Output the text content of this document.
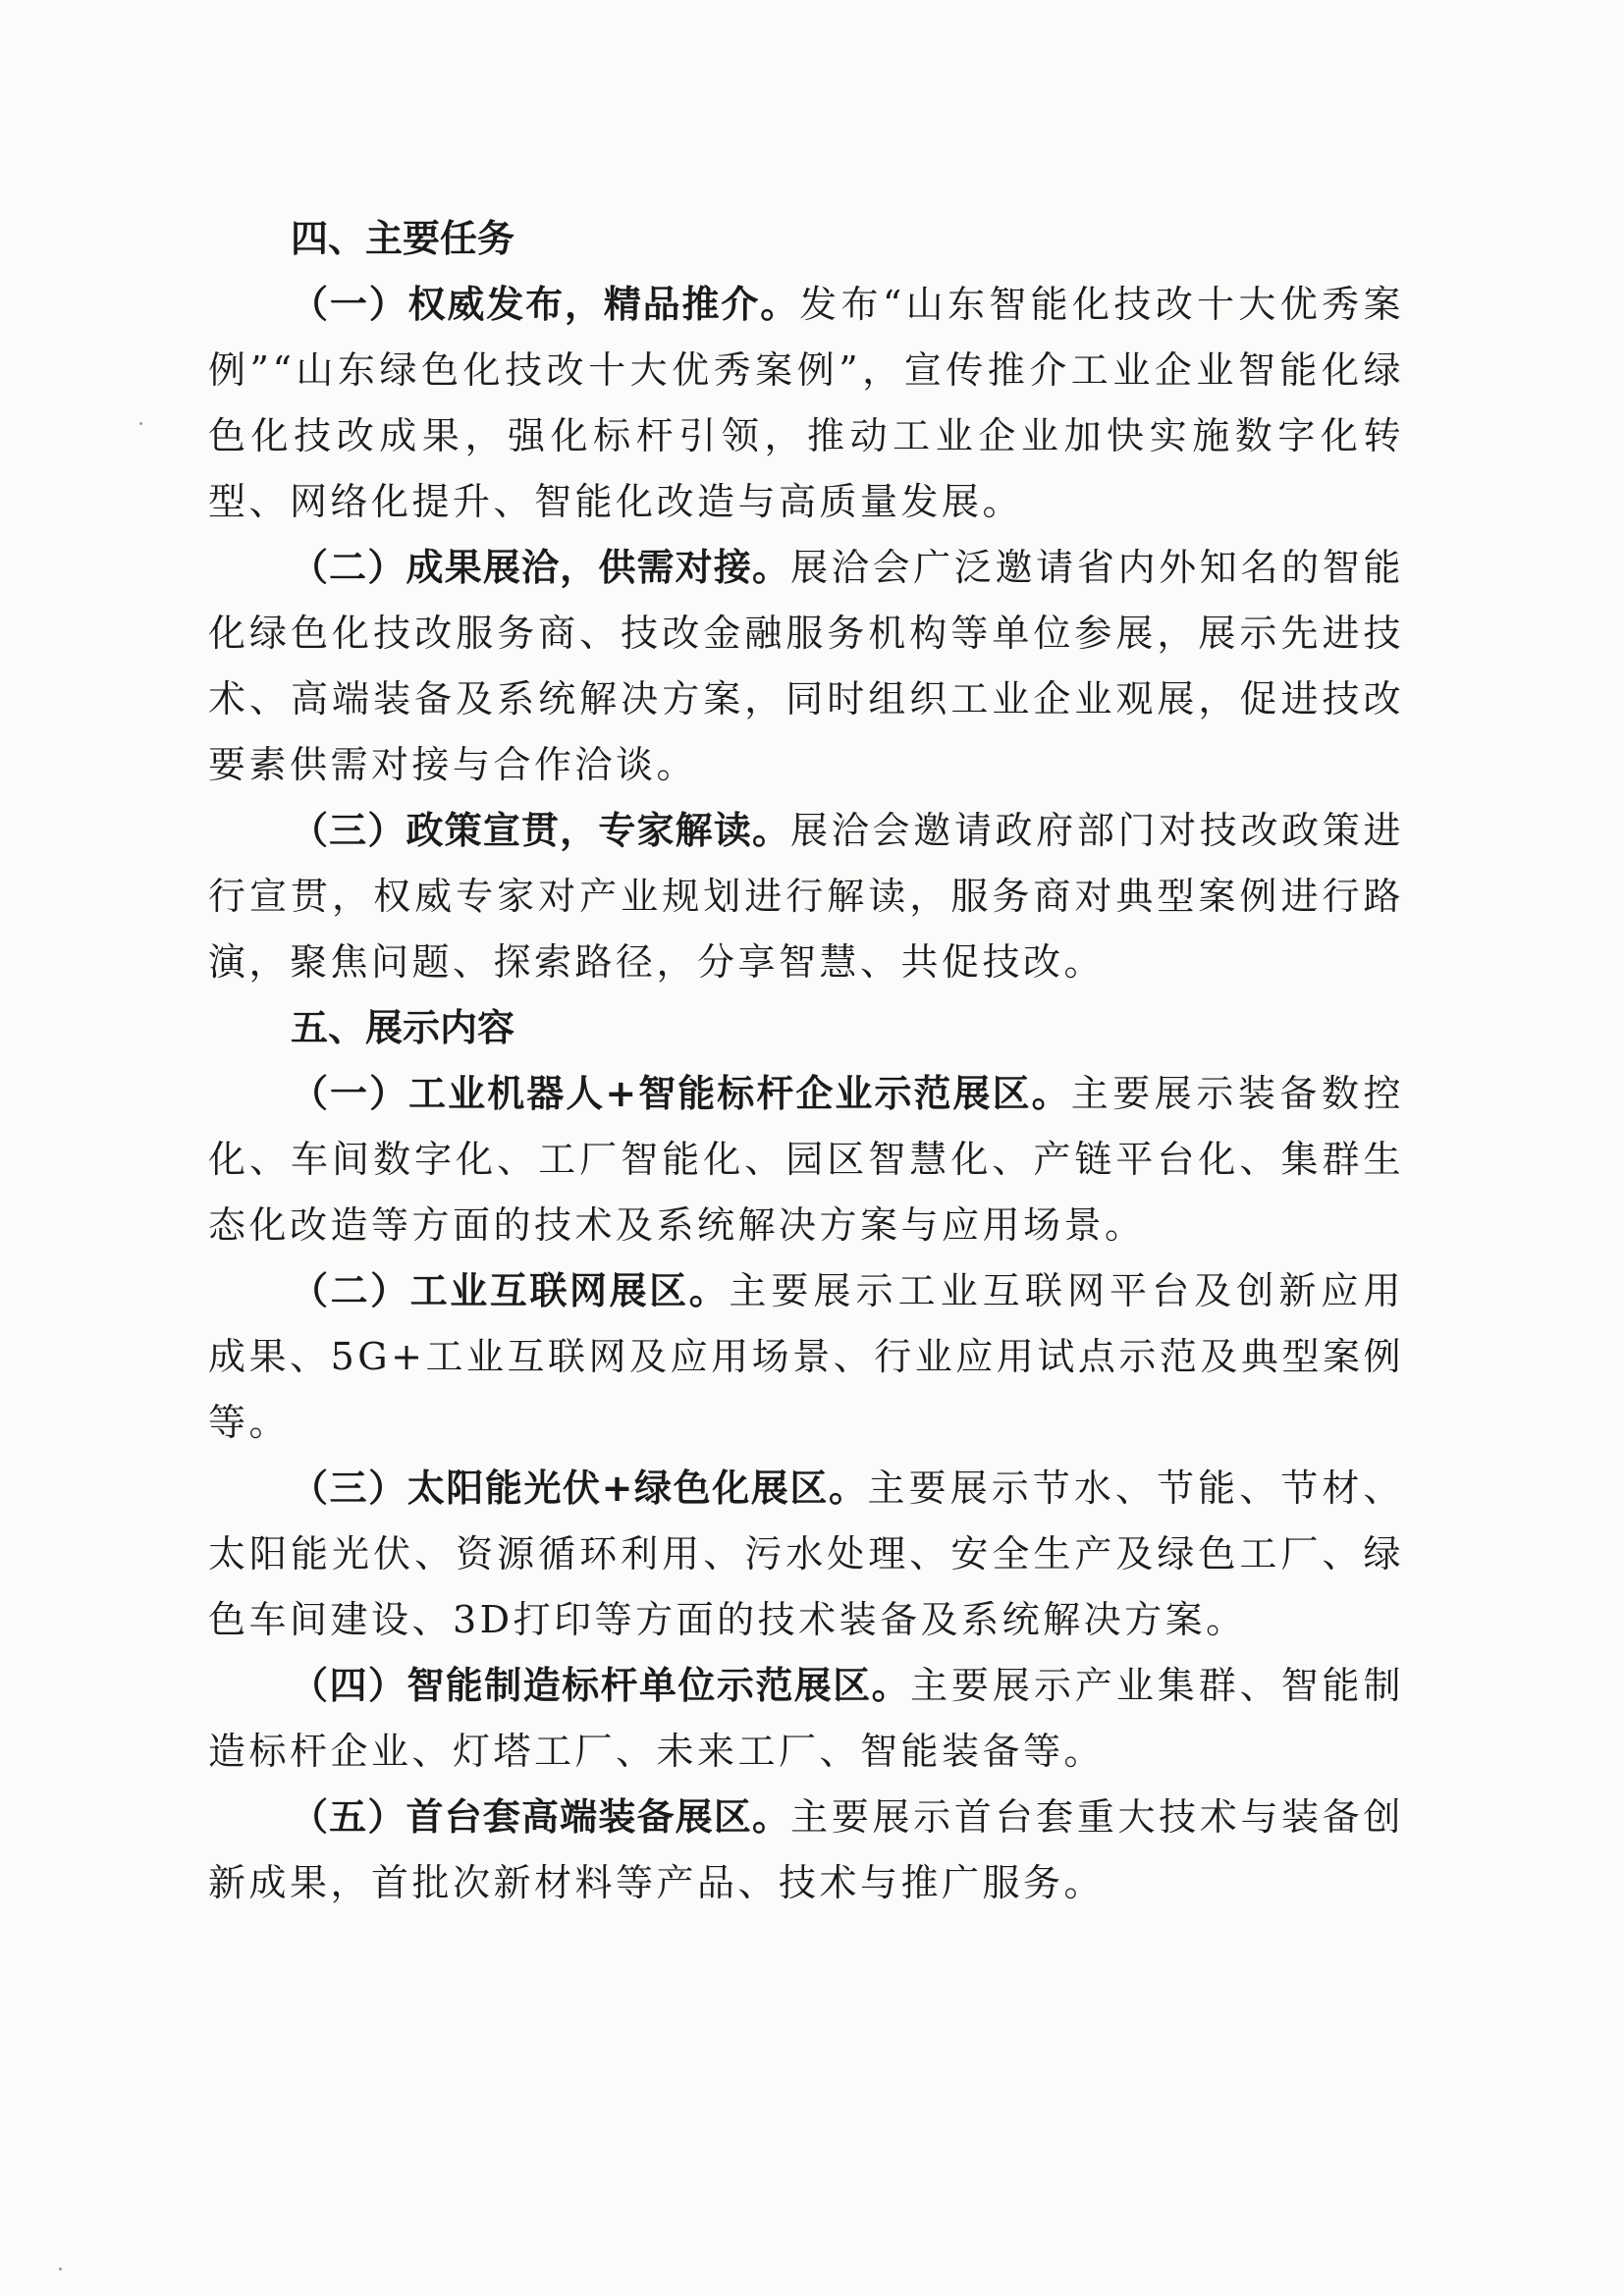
四、主要任务

（一）权威发布，精品推介。发布“山东智能化技改十大优秀案例”“山东绿色化技改十大优秀案例”，宣传推介工业企业智能化绿色化技改成果，强化标杆引领，推动工业企业加快实施数字化转型、网络化提升、智能化改造与高质量发展。

（二）成果展洽，供需对接。展洽会广泛邀请省内外知名的智能化绿色化技改服务商、技改金融服务机构等单位参展，展示先进技术、高端装备及系统解决方案，同时组织工业企业观展，促进技改要素供需对接与合作洽谈。

（三）政策宣贯，专家解读。展洽会邀请政府部门对技改政策进行宣贯，权威专家对产业规划进行解读，服务商对典型案例进行路演，聚焦问题、探索路径，分享智慧、共促技改。

五、展示内容

（一）工业机器人+智能标杆企业示范展区。主要展示装备数控化、车间数字化、工厂智能化、园区智慧化、产链平台化、集群生态化改造等方面的技术及系统解决方案与应用场景。

（二）工业互联网展区。主要展示工业互联网平台及创新应用成果、5G+工业互联网及应用场景、行业应用试点示范及典型案例等。

（三）太阳能光伏+绿色化展区。主要展示节水、节能、节材、太阳能光伏、资源循环利用、污水处理、安全生产及绿色工厂、绿色车间建设、3D打印等方面的技术装备及系统解决方案。

（四）智能制造标杆单位示范展区。主要展示产业集群、智能制造标杆企业、灯塔工厂、未来工厂、智能装备等。

（五）首台套高端装备展区。主要展示首台套重大技术与装备创新成果，首批次新材料等产品、技术与推广服务。
